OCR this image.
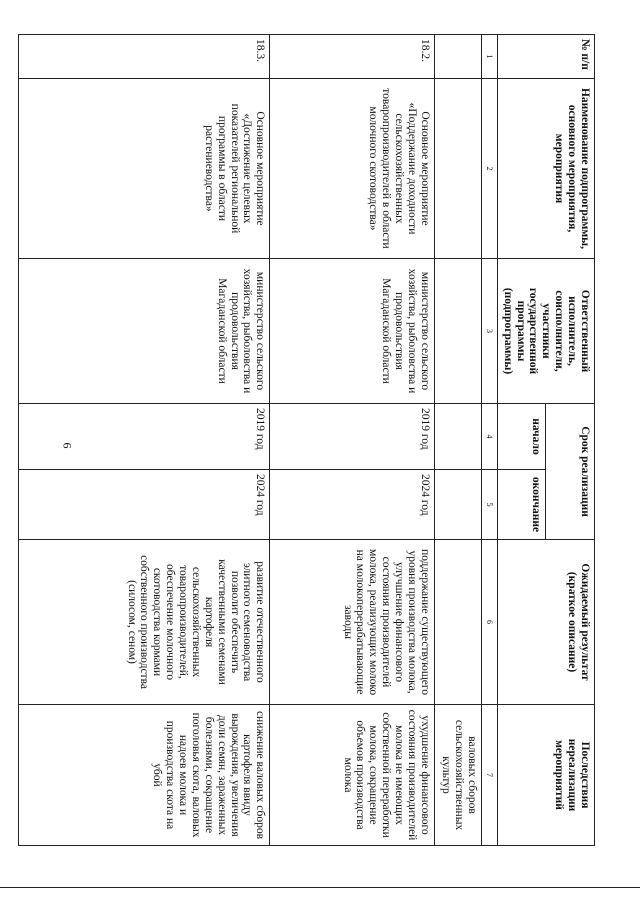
6
№ п/п	Наименование подпрограммы, основного мероприятия, мероприятия	Ответственный исполнитель, соисполнители, участники государственной программы (подпрограммы)	Срок реализации		Ожидаемый результат (краткое описание)	Последствия нереализации мероприятий
			начало	окончание		
1	2	3	4	5	6	7
						валовых сборов сельскохозяйственных культур
18.2.	Основное мероприятие «Поддержание доходности сельскохозяйственных товаропроизводителей в области молочного скотоводства»	министерство сельского хозяйства, рыболовства и продовольствия Магаданской области	2019 год	2024 год	поддержание существующего уровня производства молока, улучшение финансового состояния производителей молока, реализующих молоко на молокоперерабатывающие заводы	ухудшение финансового состояния производителей молока не имеющих собственной переработки молока, сокращение объемов производства молока
18.3.	Основное мероприятие «Достижение целевых показателей региональной программы в области растениеводства»	министерство сельского хозяйства, рыболовства и продовольствия Магаданской области	2019 год	2024 год	развитие отечественного элитного семеноводства позволит обеспечить качественными семенами картофеля сельскохозяйственных товаропроизводителей, обеспечение молочного скотоводства кормами собственного производства (силосом, сеном)	снижение валовых сборов картофеля ввиду вырождения, увеличения доли семян, зараженных болезнями, сокращение поголовья скота, валовых надоев молока и производства скота на убой
